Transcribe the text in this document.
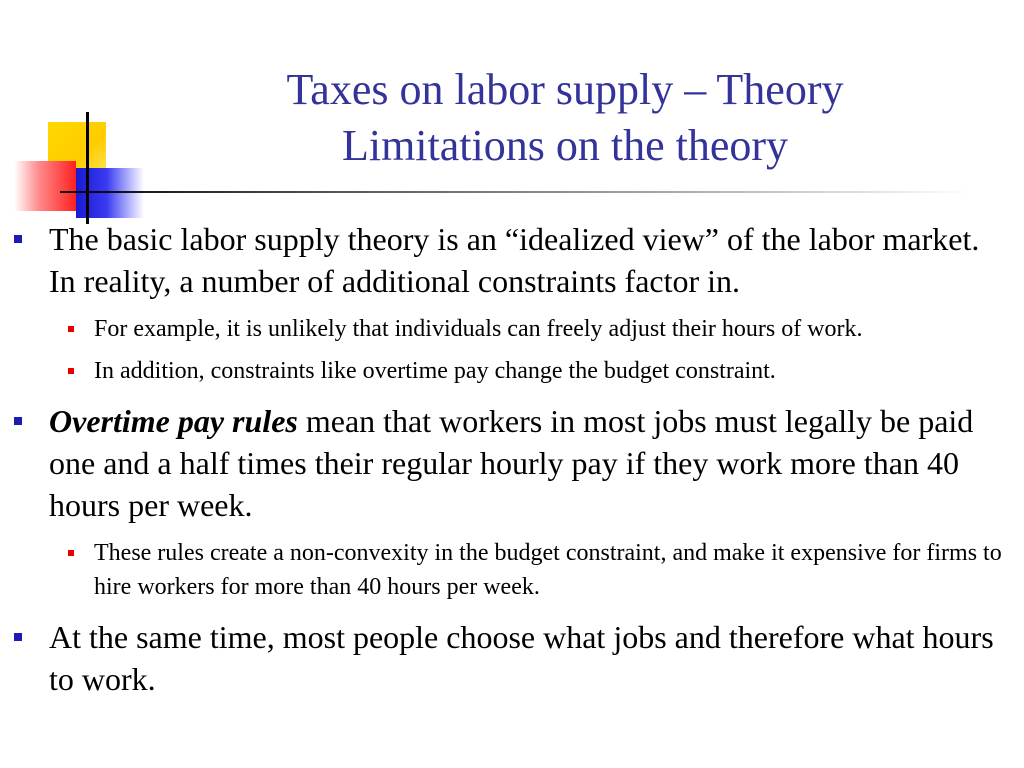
Taxes on labor supply – Theory
Limitations on the theory
The basic labor supply theory is an “idealized view” of the labor market. In reality, a number of additional constraints factor in.
For example, it is unlikely that individuals can freely adjust their hours of work.
In addition, constraints like overtime pay change the budget constraint.
Overtime pay rules mean that workers in most jobs must legally be paid one and a half times their regular hourly pay if they work more than 40 hours per week.
These rules create a non-convexity in the budget constraint, and make it expensive for firms to hire workers for more than 40 hours per week.
At the same time, most people choose what jobs and therefore what hours to work.
